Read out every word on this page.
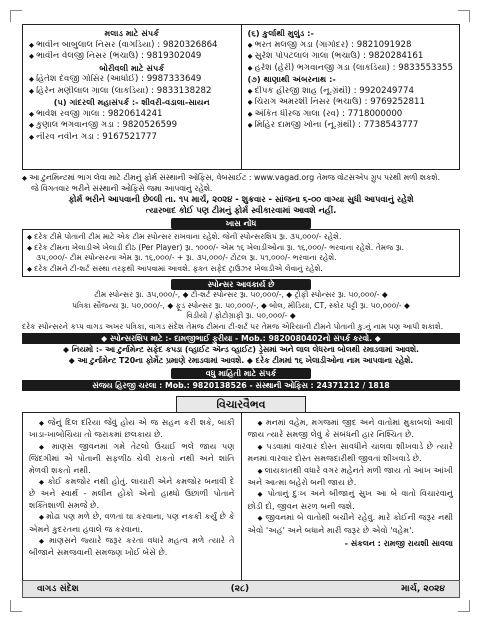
મલાડ માટે સંપર્ક
◆ ભાવીન બાબુલાલ નિસર (વાગડિયા) : 9820326864
◆ ભાવીન વેલજી નિસર (ભચાઉ) : 9819302049
બોરીવલી માટે સંપર્ક
◆ હિતેશ દેવજી ગોસિર (આધોઈ) : 9987333649
◆ હિરેન મણીલાલ ગાલા (લાકડિયા) : 9833138282
(૫) ગાંદરલી મહાસંપર્ક :- શીવરી-વડાલા-સાયન
◆ ભાવેશ રવજી ગાલા : 9820614241
◆ કુણાલ ભગવાનજી ગડા : 9820526599
◆ નીરવ નવીન ગડા : 9167521777
(૬) કુર્લાથી મુલુંડ :-
◆ ભરત મલજી ગડા (ગાગોદર) : 9821091928
◆ સુરેશ પોપટલાલ ગાલા (ભચાઉ) : 9820284161
◆ હરેશ (હેરી) ભગવાનજી ગડા (લાકડિયા) : 9833553355
(૭) થાણાથી અંબરનાથ :-
◆ દીપક હીરજી શાહ (નૂ.ગ્રંથી) : 9920249774
◆ ચિરાગ અમરશી નિસર (ભચાઉ) : 9769252811
◆ અંકિત ધીરજ ગાલા (રવ) : 7718000000
◆ મિહિર દામજી ખોના (નૂ.ગ્રંથી) : 7738543777
◆ આ ટુનમિન્ટમાં ભાગ લેવા માટે ટીમનું ફોર્મ સંસ્થાની ઓફિસ, વેબસાઈટ : www.vagad.org તેમજ વોટસએપ ગ્રુપ પરથી મળી શકશે.
જે વિગતવાર ભરીને સંસ્થાની ઓફિસે જમા આપવાનું રહેશે.
ફોર્મ ભરીને આપવાની છેલ્લી તા. ૧૫ માર્ચ, ૨૦૨૪ - શુક્રવાર - સાંજના ૬-૦૦ વાગ્યા સુધી આપવાનું રહેશે
ત્યારબાદ કોઈ પણ ટીમનું ફોર્મ સ્વીકારવામાં આવશે નહીં.
ખાસ નોંધ
◆ દરેક ટીમે પોતાની ટીમ માટે એક ટીમ સ્પોન્સર રાખવાના રહેશે. જેની સ્પોન્સરશિપ રૂા. ૩૫,૦૦૦/- રહેશે.
◆ દરેક ટીમના ખેલાડીએ ખેલાડી દીઠ (Per Player) રૂા. ૧૦૦૦/- એમ ૧૬ ખેલાડીઓના રૂા. ૧૬,૦૦૦/- ભરવાના રહેશે. તેમજ રૂા.
૩૫,૦૦૦/- ટીમ સ્પોન્સરના એમ રૂા. ૧૬,૦૦૦/- + રૂા. ૩૫,૦૦૦/- ટોટલ રૂા. ૫૧,૦૦૦/- ભરવાના રહેશે.
◆ દરેક ટીમને ટી-શર્ટ સંસ્થા તરફથી આપવામાં આવશે. ફક્ત સફેદ ટ્રાઉઝર ખેલાડીએ લેવાનું રહેશે.
સ્પોન્સર આવકાર્ય છે
ટીમ સ્પોન્સર રૂા. ૩૫,૦૦૦/-, ◆ ટી-શર્ટ સ્પોન્સર રૂા. ૫૦,૦૦૦/-, ◆ ટ્રોફી સ્પોન્સર રૂા. ૫૦,૦૦૦/- ◆
પત્રિકા સૌજન્ય રૂા. ૫૦,૦૦૦/-, ◆ ફૂડ સ્પોન્સર રૂા. ૫૦,૦૦૦/-, ◆ બોલ, મીડિયા, CT, સ્કોર પટ્ટી રૂા. ૫૦,૦૦૦/- ◆
વિડીયો / ફોટોગ્રાફી રૂા. ૫૦,૦૦૦/- ◆
દરેક સ્પોન્સરને કપ્પ વાગડ અખર પત્રિકા, વાગડ સંદેશ તેમજ ટીમના ટી-શર્ટ પર તેમજ એરિયાની ટીમને પોતાની કુ.નું નામ પણ આપી શકાશે.
◆ સ્પોન્સરશિપ માટે :- દામજીભાઈ ફુરીયા - Mob.: 9820080402નો સંપર્ક કરવો. ◆
◆ નિયમો :- આ ટુર્નામેન્ટ સફેદ કપડા (વ્હાઈટ ઍન્ડ વ્હાઈટ) ડ્રેસમાં અને લાલ લેધરના બોલથી રમાડવામાં આવશે.
◆ આ ટુર્નામેન્ટ T20ના ફોર્મેટ પ્રમાણે રમાડવામાં આવશે. ◆ દરેક ટીમમાં ૧૬ ખેલાડીઓના નામ આપવાના રહેશે.
વધુ માહિતી માટે સંપર્ક
સંજય હિરજી ચરલા : Mob.: 9820138526 - સંસ્થાની ઓફિસ : 24371212 / 1818
વિચારવૈભવ

◆ જેનું દિલ દરિયા જેવું હોય એ જ સહન કરી શકે, બાકી ખાડા-ખાબોચિયા તો જરાકમાં છલકાય છે.

◆ માણસ જીવનમાં ગમે તેટલો ઉંચાઈ ભલે જાય પણ જિંદગીમાં એ પોતાની સફળીઠ ચેવી રાકતો નથી અને શાંતિ મેળવી શકતો નથી.

◆ કોઈ કમજોર નથી હોતું. લાચારી એને કમજોર બનાવી દે છે અને સ્વાર્થ - મલીન હોકો એનો હાથ્ધો ઉછાળી પોતાને શક્તિશાળી સમજે છે.

◆ મોઢા પણ મળે છે, વળતાં ઘા કરવાના, પણ નકકી કર્યું છે કે એમને કુદરતના હવાલે જ કરવાના.

◆ માણસને જ્યારે જરૂર કરતાં વધારે મહત્વ મળે ત્યારે તે બીજાને સમજવાની સમજણ ખોઈ બેસે છે.

◆ મનમાં વહેમ, મગજમાં જીદ અને વાતોમાં મુકાબલો આવી જાય ત્યારે સમજી લેવું કે સંબંધની હાર નિશ્ચિત છે.

◆ પડવામાં વારંવાર દોસ્ત સાવધીને ચાલવા શીખવાડે છે ત્યારે મનમાં વારંવાર દોસ્ત સમજદારીથી જીવતાં શીખવાડે છે.

◆ લાયકાતથી વધારે વગર મહેનતે મળી જાય તો આંખ આંખી અને આત્મા બહેરો બની જાય છે.

◆ પોતાનું દુઃખ અને બીજાનું સુખ આ બે વાતો વિચારવાનું છોડી દો, જીવન સરળ બની જશે.

◆ જીવનમાં બે વાતોથી બચીને રહેવું. મારે કોઈની જરૂર નથી એવો 'અહં' અને બધાને મારી જરૂર છે એવો 'વહેમ'.

- સંકલન : રામજી રાયશી સાવલા
વાગડ સંદેશ	(૨૮)	માર્ચ, ૨૦૨૪
